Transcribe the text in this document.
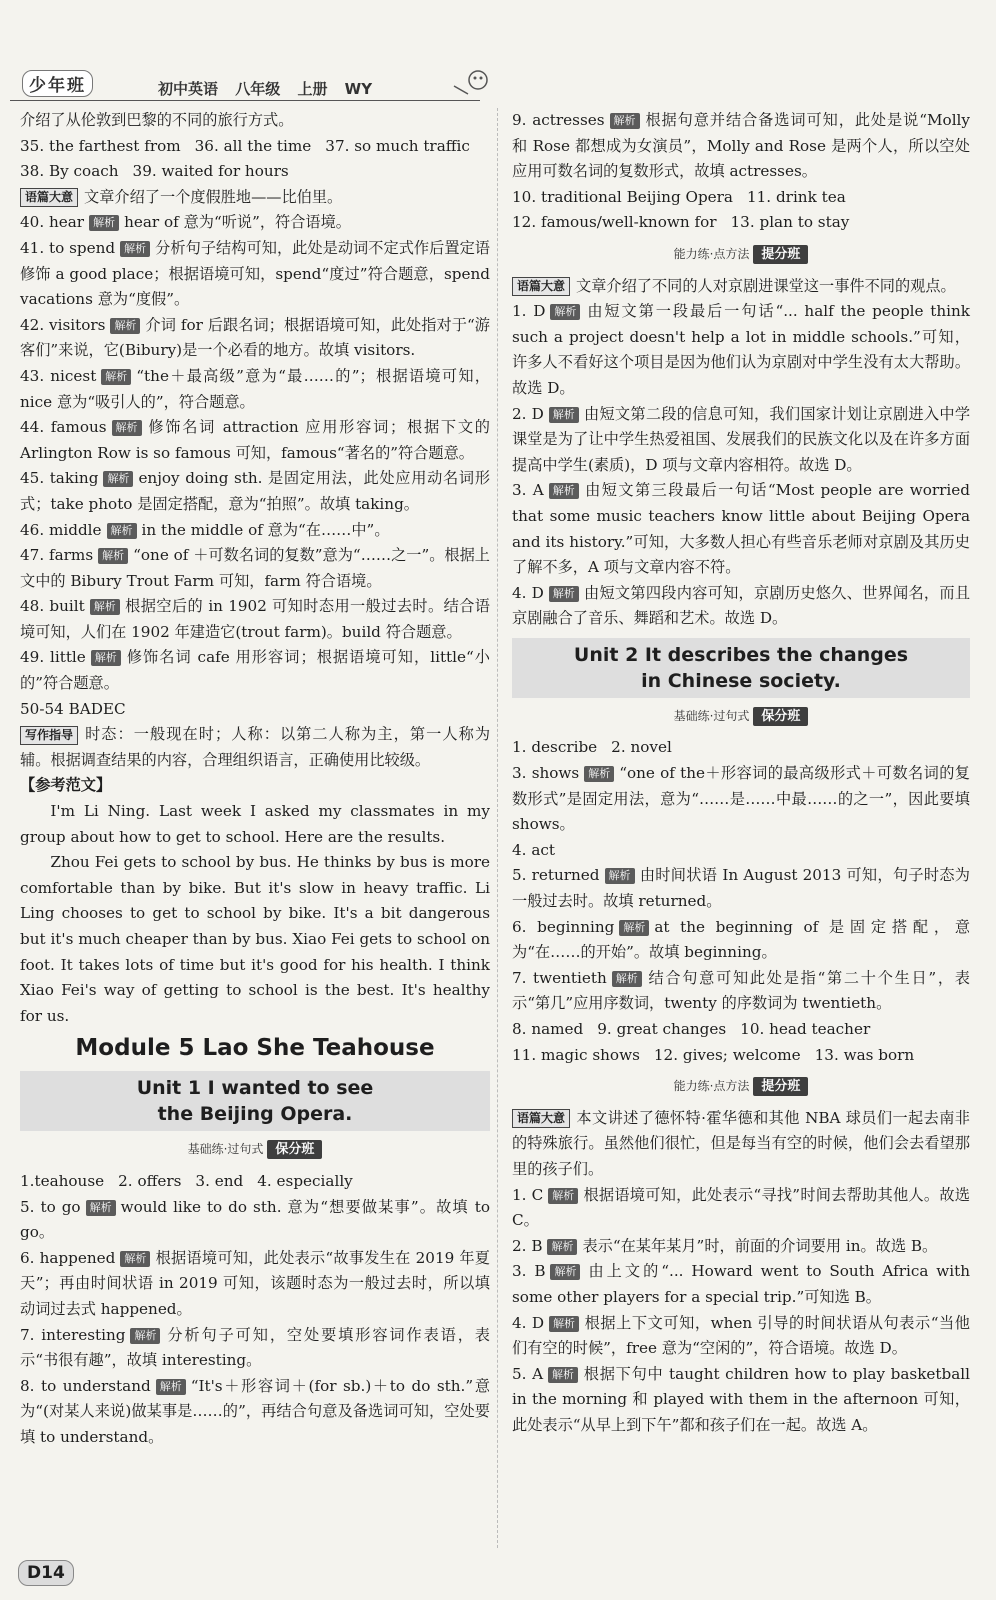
少年班	初中英语 八年级 上册 WY

介绍了从伦敦到巴黎的不同的旅行方式。

35. the farthest from 36. all the time 37. so much traffic

38. By coach 39. waited for hours

语篇大意 文章介绍了一个度假胜地——比伯里。

40. hear 解析 hear of 意为“听说”，符合语境。

41. to spend 解析 分析句子结构可知，此处是动词不定式作后置定语修饰 a good place；根据语境可知，spend“度过”符合题意，spend vacations 意为“度假”。

42. visitors 解析 介词 for 后跟名词；根据语境可知，此处指对于“游客们”来说，它(Bibury)是一个必看的地方。故填 visitors.

43. nicest 解析 “the＋最高级”意为“最……的”；根据语境可知，nice 意为“吸引人的”，符合题意。

44. famous 解析 修饰名词 attraction 应用形容词；根据下文的 Arlington Row is so famous 可知，famous“著名的”符合题意。

45. taking 解析 enjoy doing sth. 是固定用法，此处应用动名词形式；take photo 是固定搭配，意为“拍照”。故填 taking。

46. middle 解析 in the middle of 意为“在……中”。

47. farms 解析 “one of ＋可数名词的复数”意为“……之一”。根据上文中的 Bibury Trout Farm 可知，farm 符合语境。

48. built 解析 根据空后的 in 1902 可知时态用一般过去时。结合语境可知，人们在 1902 年建造它(trout farm)。build 符合题意。

49. little 解析 修饰名词 cafe 用形容词；根据语境可知，little“小的”符合题意。

50-54 BADEC

写作指导 时态：一般现在时；人称：以第二人称为主，第一人称为辅。根据调查结果的内容，合理组织语言，正确使用比较级。

【参考范文】

I'm Li Ning. Last week I asked my classmates in my group about how to get to school. Here are the results.

Zhou Fei gets to school by bus. He thinks by bus is more comfortable than by bike. But it's slow in heavy traffic. Li Ling chooses to get to school by bike. It's a bit dangerous but it's much cheaper than by bus. Xiao Fei gets to school on foot. It takes lots of time but it's good for his health. I think Xiao Fei's way of getting to school is the best. It's healthy for us.

Module 5 Lao She Teahouse
Unit 1 I wanted to see the Beijing Opera.
基础练·过句式 保分班

1.teahouse 2. offers 3. end 4. especially

5. to go 解析 would like to do sth. 意为“想要做某事”。故填 to go。

6. happened 解析 根据语境可知，此处表示“故事发生在 2019 年夏天”；再由时间状语 in 2019 可知，该题时态为一般过去时，所以填动词过去式 happened。

7. interesting 解析 分析句子可知，空处要填形容词作表语，表示“书很有趣”，故填 interesting。

8. to understand 解析 “It's＋形容词＋(for sb.)＋to do sth.”意为“(对某人来说)做某事是……的”，再结合句意及备选词可知，空处要填 to understand。

9. actresses 解析 根据句意并结合备选词可知，此处是说“Molly 和 Rose 都想成为女演员”，Molly and Rose 是两个人，所以空处应用可数名词的复数形式，故填 actresses。

10. traditional Beijing Opera 11. drink tea

12. famous/well-known for 13. plan to stay

能力练·点方法 提分班

语篇大意 文章介绍了不同的人对京剧进课堂这一事件不同的观点。

1. D 解析 由短文第一段最后一句话“... half the people think such a project doesn't help a lot in middle schools.”可知，许多人不看好这个项目是因为他们认为京剧对中学生没有太大帮助。故选 D。

2. D 解析 由短文第二段的信息可知，我们国家计划让京剧进入中学课堂是为了让中学生热爱祖国、发展我们的民族文化以及在许多方面提高中学生(素质)，D 项与文章内容相符。故选 D。

3. A 解析 由短文第三段最后一句话“Most people are worried that some music teachers know little about Beijing Opera and its history.”可知，大多数人担心有些音乐老师对京剧及其历史了解不多，A 项与文章内容不符。

4. D 解析 由短文第四段内容可知，京剧历史悠久、世界闻名，而且京剧融合了音乐、舞蹈和艺术。故选 D。

Unit 2 It describes the changes in Chinese society.
基础练·过句式 保分班

1. describe 2. novel

3. shows 解析 “one of the＋形容词的最高级形式＋可数名词的复数形式”是固定用法，意为“……是……中最……的之一”，因此要填 shows。

4. act

5. returned 解析 由时间状语 In August 2013 可知，句子时态为一般过去时。故填 returned。

6. beginning 解析 at the beginning of 是固定搭配，意为“在……的开始”。故填 beginning。

7. twentieth 解析 结合句意可知此处是指“第二十个生日”，表示“第几”应用序数词，twenty 的序数词为 twentieth。

8. named 9. great changes 10. head teacher

11. magic shows 12. gives; welcome 13. was born

能力练·点方法 提分班

语篇大意 本文讲述了德怀特·霍华德和其他 NBA 球员们一起去南非的特殊旅行。虽然他们很忙，但是每当有空的时候，他们会去看望那里的孩子们。

1. C 解析 根据语境可知，此处表示“寻找”时间去帮助其他人。故选 C。

2. B 解析 表示“在某年某月”时，前面的介词要用 in。故选 B。

3. B 解析 由上文的“... Howard went to South Africa with some other players for a special trip.”可知选 B。

4. D 解析 根据上下文可知，when 引导的时间状语从句表示“当他们有空的时候”，free 意为“空闲的”，符合语境。故选 D。

5. A 解析 根据下句中 taught children how to play basketball in the morning 和 played with them in the afternoon 可知，此处表示“从早上到下午”都和孩子们在一起。故选 A。

D14
